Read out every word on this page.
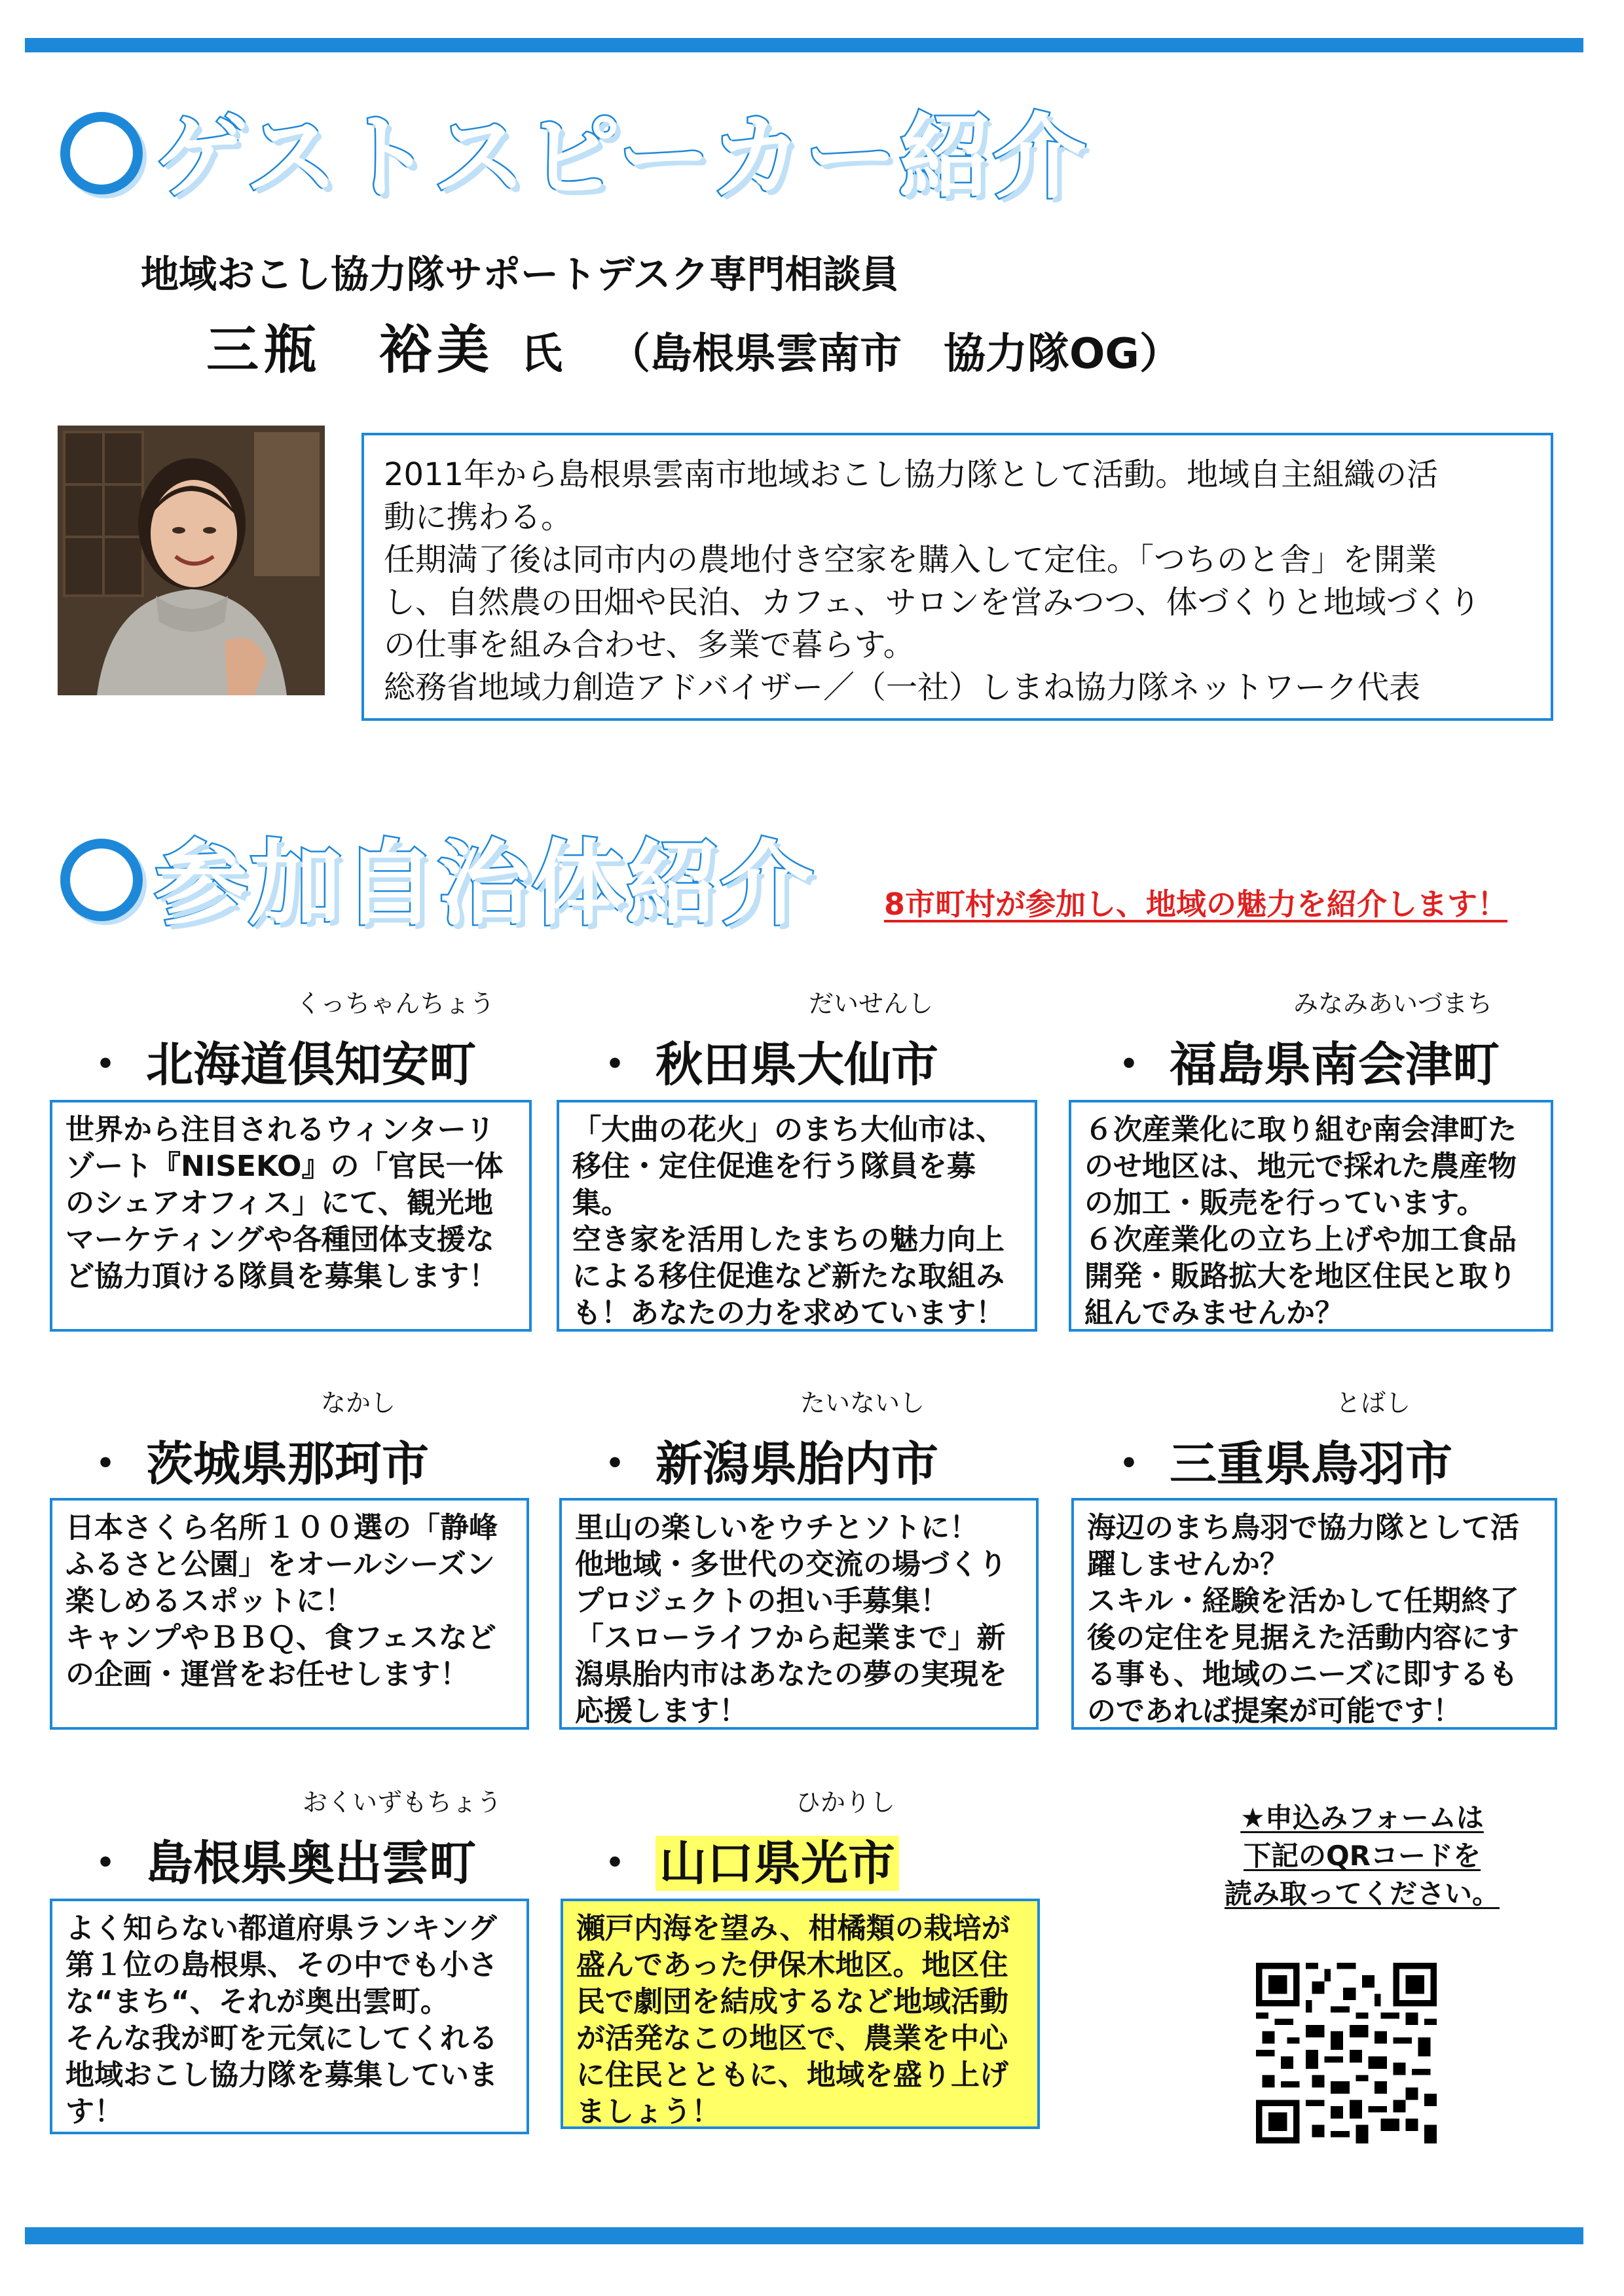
ゲストスピーカー紹介
地域おこし協力隊サポートデスク専門相談員
三瓶　裕美 氏 （島根県雲南市　協力隊OG）

2011年から島根県雲南市地域おこし協力隊として活動。地域自主組織の活

動に携わる。

任期満了後は同市内の農地付き空家を購入して定住。「つちのと舎」を開業

し、自然農の田畑や民泊、カフェ、サロンを営みつつ、体づくりと地域づくり

の仕事を組み合わせ、多業で暮らす。

総務省地域力創造アドバイザー／（一社）しまね協力隊ネットワーク代表

参加自治体紹介 8市町村が参加し、地域の魅力を紹介します！
くっちゃんちょう
・ 北海道倶知安町
世界から注目されるウィンターリ
ゾート『NISEKO』の「官民一体
のシェアオフィス」にて、観光地
マーケティングや各種団体支援な
ど協力頂ける隊員を募集します！
だいせんし
・ 秋田県大仙市
「大曲の花火」のまち大仙市は、
移住・定住促進を行う隊員を募集。
空き家を活用したまちの魅力向上
による移住促進など新たな取組み
も！あなたの力を求めています！
みなみあいづまち
・ 福島県南会津町
６次産業化に取り組む南会津町た
のせ地区は、地元で採れた農産物
の加工・販売を行っています。
６次産業化の立ち上げや加工食品
開発・販路拡大を地区住民と取り
組んでみませんか？
なかし
・ 茨城県那珂市
日本さくら名所１００選の「静峰
ふるさと公園」をオールシーズン
楽しめるスポットに！
キャンプやＢＢＱ、食フェスなど
の企画・運営をお任せします！
たいないし
・ 新潟県胎内市
里山の楽しいをウチとソトに！
他地域・多世代の交流の場づくり
プロジェクトの担い手募集！
「スローライフから起業まで」新
潟県胎内市はあなたの夢の実現を
応援します！
とばし
・ 三重県鳥羽市
海辺のまち鳥羽で協力隊として活
躍しませんか？
スキル・経験を活かして任期終了
後の定住を見据えた活動内容にす
る事も、地域のニーズに即するも
のであれば提案が可能です！
おくいずもちょう
・ 島根県奥出雲町
よく知らない都道府県ランキング
第１位の島根県、その中でも小さ
な“まち“、それが奥出雲町。
そんな我が町を元気にしてくれる
地域おこし協力隊を募集していま
す！
ひかりし
・ 山口県光市
瀬戸内海を望み、柑橘類の栽培が
盛んであった伊保木地区。地区住
民で劇団を結成するなど地域活動
が活発なこの地区で、農業を中心
に住民とともに、地域を盛り上げ
ましょう！
★申込みフォームは
下記のQRコードを
読み取ってください。
